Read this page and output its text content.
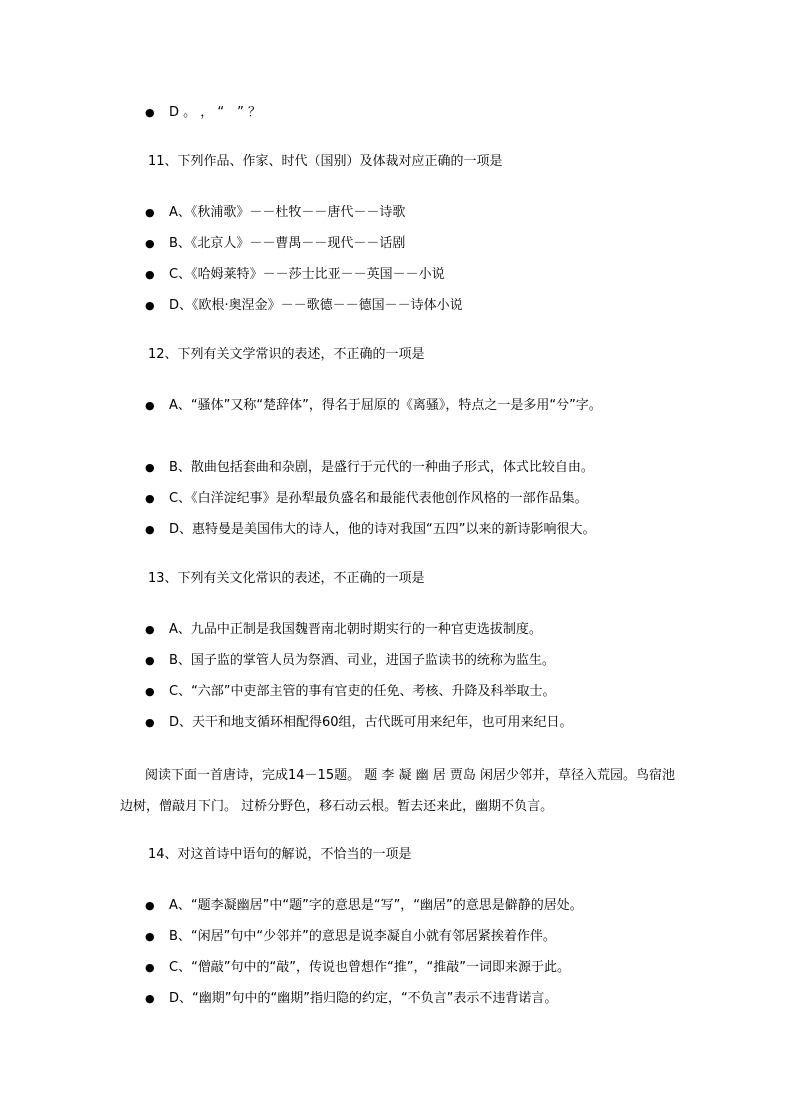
● D 。 ， “　” ？
11、下列作品、作家、时代（国别）及体裁对应正确的一项是
● A、《秋浦歌》－－杜牧－－唐代－－诗歌
● B、《北京人》－－曹禺－－现代－－话剧
● C、《哈姆莱特》－－莎士比亚－－英国－－小说
● D、《欧根·奥涅金》－－歌德－－德国－－诗体小说
12、下列有关文学常识的表述，不正确的一项是
● A、“骚体”又称“楚辞体”，得名于屈原的《离骚》，特点之一是多用“兮”字。
● B、散曲包括套曲和杂剧，是盛行于元代的一种曲子形式，体式比较自由。
● C、《白洋淀纪事》是孙犁最负盛名和最能代表他创作风格的一部作品集。
● D、惠特曼是美国伟大的诗人，他的诗对我国“五四”以来的新诗影响很大。
13、下列有关文化常识的表述，不正确的一项是
● A、九品中正制是我国魏晋南北朝时期实行的一种官吏选拔制度。
● B、国子监的掌管人员为祭酒、司业，进国子监读书的统称为监生。
● C、“六部”中吏部主管的事有官吏的任免、考核、升降及科举取士。
● D、天干和地支循环相配得60组，古代既可用来纪年，也可用来纪日。
阅读下面一首唐诗，完成14－15题。 题 李 凝 幽 居 贾岛 闲居少邻并，草径入荒园。鸟宿池边树，僧敲月下门。 过桥分野色，移石动云根。暂去还来此，幽期不负言。
14、对这首诗中语句的解说，不恰当的一项是
● A、“题李凝幽居”中“题”字的意思是“写”，“幽居”的意思是僻静的居处。
● B、“闲居”句中“少邻并”的意思是说李凝自小就有邻居紧挨着作伴。
● C、“僧敲”句中的“敲”，传说也曾想作“推”，“推敲”一词即来源于此。
● D、“幽期”句中的“幽期”指归隐的约定，“不负言”表示不违背诺言。
